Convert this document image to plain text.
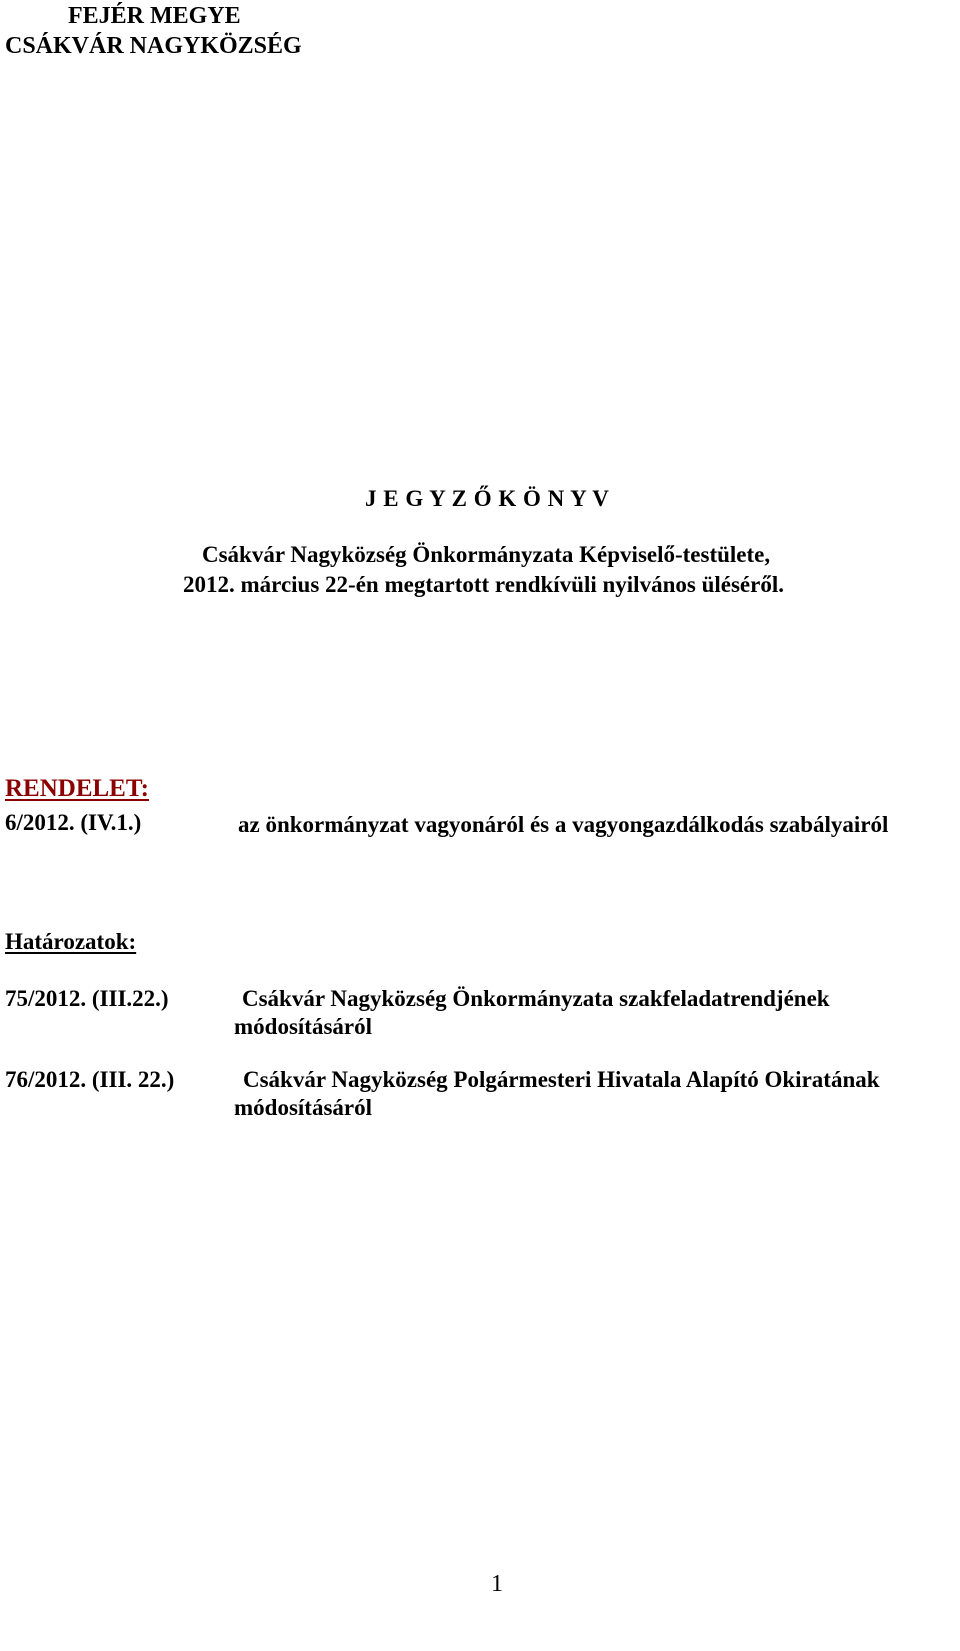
FEJÉR MEGYE

CSÁKVÁR NAGYKÖZSÉG

J E G Y Z Ő K Ö N Y V

Csákvár Nagyközség Önkormányzata Képviselő-testülete,

2012. március 22-én megtartott rendkívüli nyilvános üléséről.

RENDELET:

6/2012. (IV.1.)	az önkormányzat vagyonáról és a vagyongazdálkodás szabályairól

Határozatok:

75/2012. (III.22.)	Csákvár Nagyközség Önkormányzata szakfeladatrendjének

módosításáról

76/2012. (III. 22.)	Csákvár Nagyközség Polgármesteri Hivatala Alapító Okiratának

módosításáról

1
